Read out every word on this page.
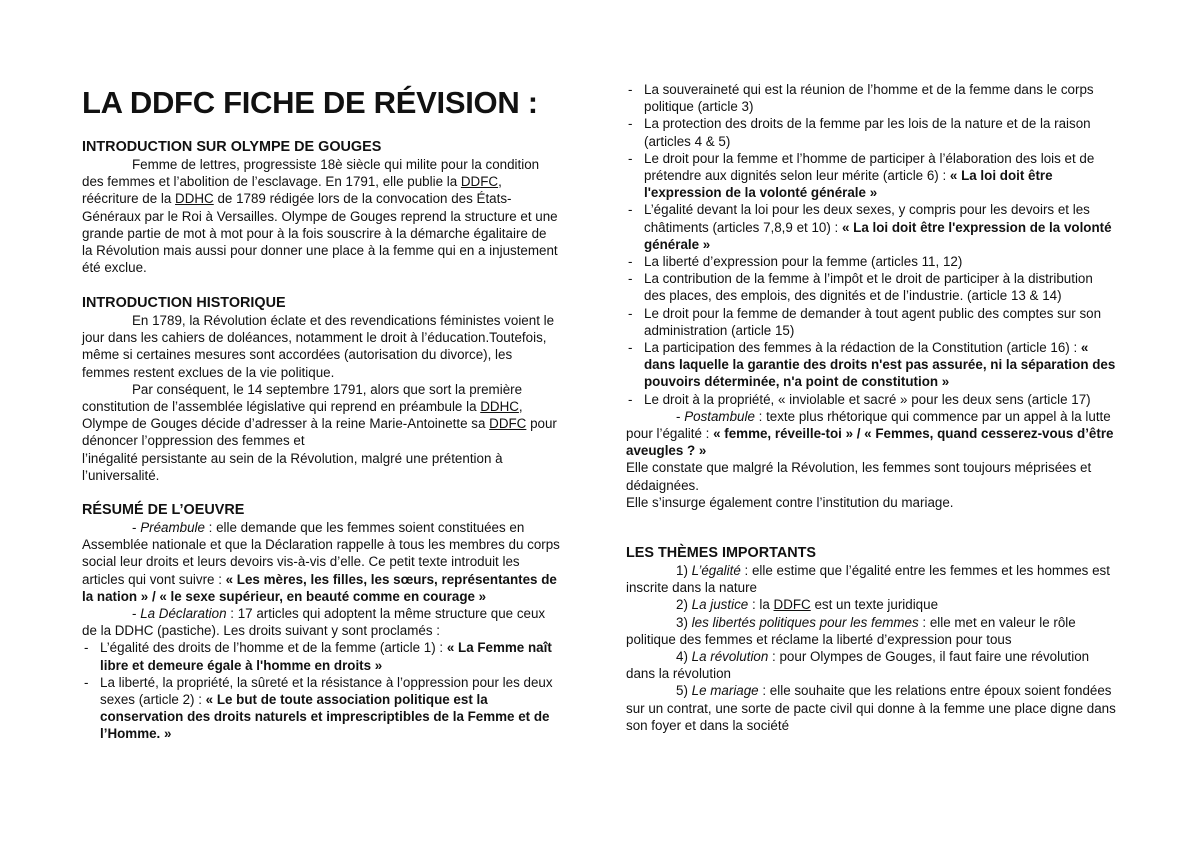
LA DDFC FICHE DE RÉVISION :
INTRODUCTION SUR OLYMPE DE GOUGES

Femme de lettres, progressiste 18è siècle qui milite pour la condition des femmes et l’abolition de l’esclavage. En 1791, elle publie la DDFC, réécriture de la DDHC de 1789 rédigée lors de la convocation des États-Généraux par le Roi à Versailles. Olympe de Gouges reprend la structure et une grande partie de mot à mot pour à la fois souscrire à la démarche égalitaire de la Révolution mais aussi pour donner une place à la femme qui en a injustement été exclue.

INTRODUCTION HISTORIQUE

En 1789, la Révolution éclate et des revendications féministes voient le jour dans les cahiers de doléances, notamment le droit à l’éducation.Toutefois, même si certaines mesures sont accordées (autorisation du divorce), les femmes restent exclues de la vie politique.

Par conséquent, le 14 septembre 1791, alors que sort la première constitution de l’assemblée législative qui reprend en préambule la DDHC, Olympe de Gouges décide d’adresser à la reine Marie-Antoinette sa DDFC pour dénoncer l’oppression des femmes et

l’inégalité persistante au sein de la Révolution, malgré une prétention à l’universalité.

RÉSUMÉ DE L’OEUVRE

- Préambule : elle demande que les femmes soient constituées en Assemblée nationale et que la Déclaration rappelle à tous les membres du corps social leur droits et leurs devoirs vis-à-vis d’elle. Ce petit texte introduit les articles qui vont suivre : « Les mères, les filles, les sœurs, représentantes de la nation » / « le sexe supérieur, en beauté comme en courage »

- La Déclaration : 17 articles qui adoptent la même structure que ceux de la DDHC (pastiche). Les droits suivant y sont proclamés :

- L’égalité des droits de l’homme et de la femme (article 1) : « La Femme naît libre et demeure égale à l'homme en droits »
- La liberté, la propriété, la sûreté et la résistance à l’oppression pour les deux sexes (article 2) : « Le but de toute association politique est la conservation des droits naturels et imprescriptibles de la Femme et de l’Homme. »
- La souveraineté qui est la réunion de l’homme et de la femme dans le corps politique (article 3)
- La protection des droits de la femme par les lois de la nature et de la raison (articles 4 & 5)
- Le droit pour la femme et l’homme de participer à l’élaboration des lois et de prétendre aux dignités selon leur mérite (article 6) : « La loi doit être l'expression de la volonté générale »
- L’égalité devant la loi pour les deux sexes, y compris pour les devoirs et les châtiments (articles 7,8,9 et 10) : « La loi doit être l'expression de la volonté générale »
- La liberté d’expression pour la femme (articles 11, 12)
- La contribution de la femme à l’impôt et le droit de participer à la distribution des places, des emplois, des dignités et de l’industrie. (article 13 & 14)
- Le droit pour la femme de demander à tout agent public des comptes sur son administration (article 15)
- La participation des femmes à la rédaction de la Constitution (article 16) : « dans laquelle la garantie des droits n'est pas assurée, ni la séparation des pouvoirs déterminée, n'a point de constitution »
- Le droit à la propriété, « inviolable et sacré » pour les deux sens (article 17)

- Postambule : texte plus rhétorique qui commence par un appel à la lutte pour l’égalité : « femme, réveille-toi » / « Femmes, quand cesserez-vous d’être aveugles ? »

Elle constate que malgré la Révolution, les femmes sont toujours méprisées et dédaignées.

Elle s’insurge également contre l’institution du mariage.

LES THÈMES IMPORTANTS

1) L’égalité : elle estime que l’égalité entre les femmes et les hommes est inscrite dans la nature

2) La justice : la DDFC est un texte juridique

3) les libertés politiques pour les femmes : elle met en valeur le rôle politique des femmes et réclame la liberté d’expression pour tous

4) La révolution : pour Olympes de Gouges, il faut faire une révolution dans la révolution

5) Le mariage : elle souhaite que les relations entre époux soient fondées sur un contrat, une sorte de pacte civil qui donne à la femme une place digne dans son foyer et dans la société
